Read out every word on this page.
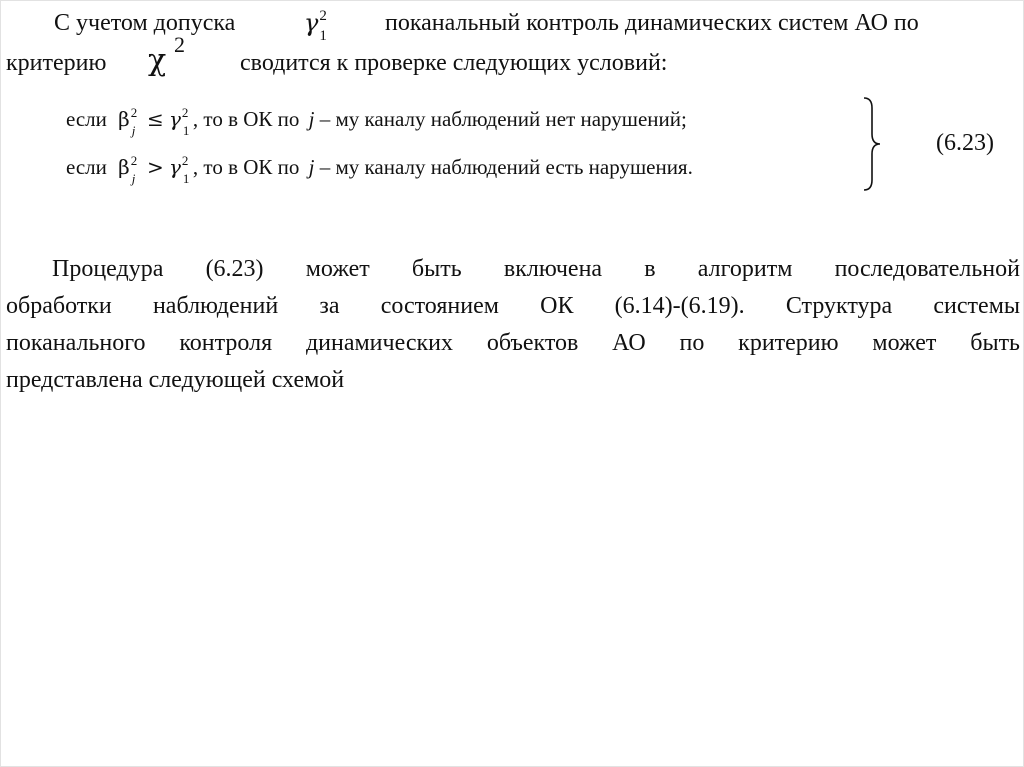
С учетом допуска	γ 2
1 поканальный контроль динамических систем АО по
критерию χ 2
сводится к проверке следующих условий:
если β 2
j ≤ γ 2
1 , то в ОК по j – му каналу наблюдений нет нарушений;
если β 2
j > γ 2
1 , то в ОК по j – му каналу наблюдений есть нарушения.
(6.23)
Процедура (6.23) может быть включена в алгоритм последовательной
обработки наблюдений за состоянием ОК (6.14)-(6.19). Структура системы
поканального контроля динамических объектов АО по критерию может быть
представлена следующей схемой
